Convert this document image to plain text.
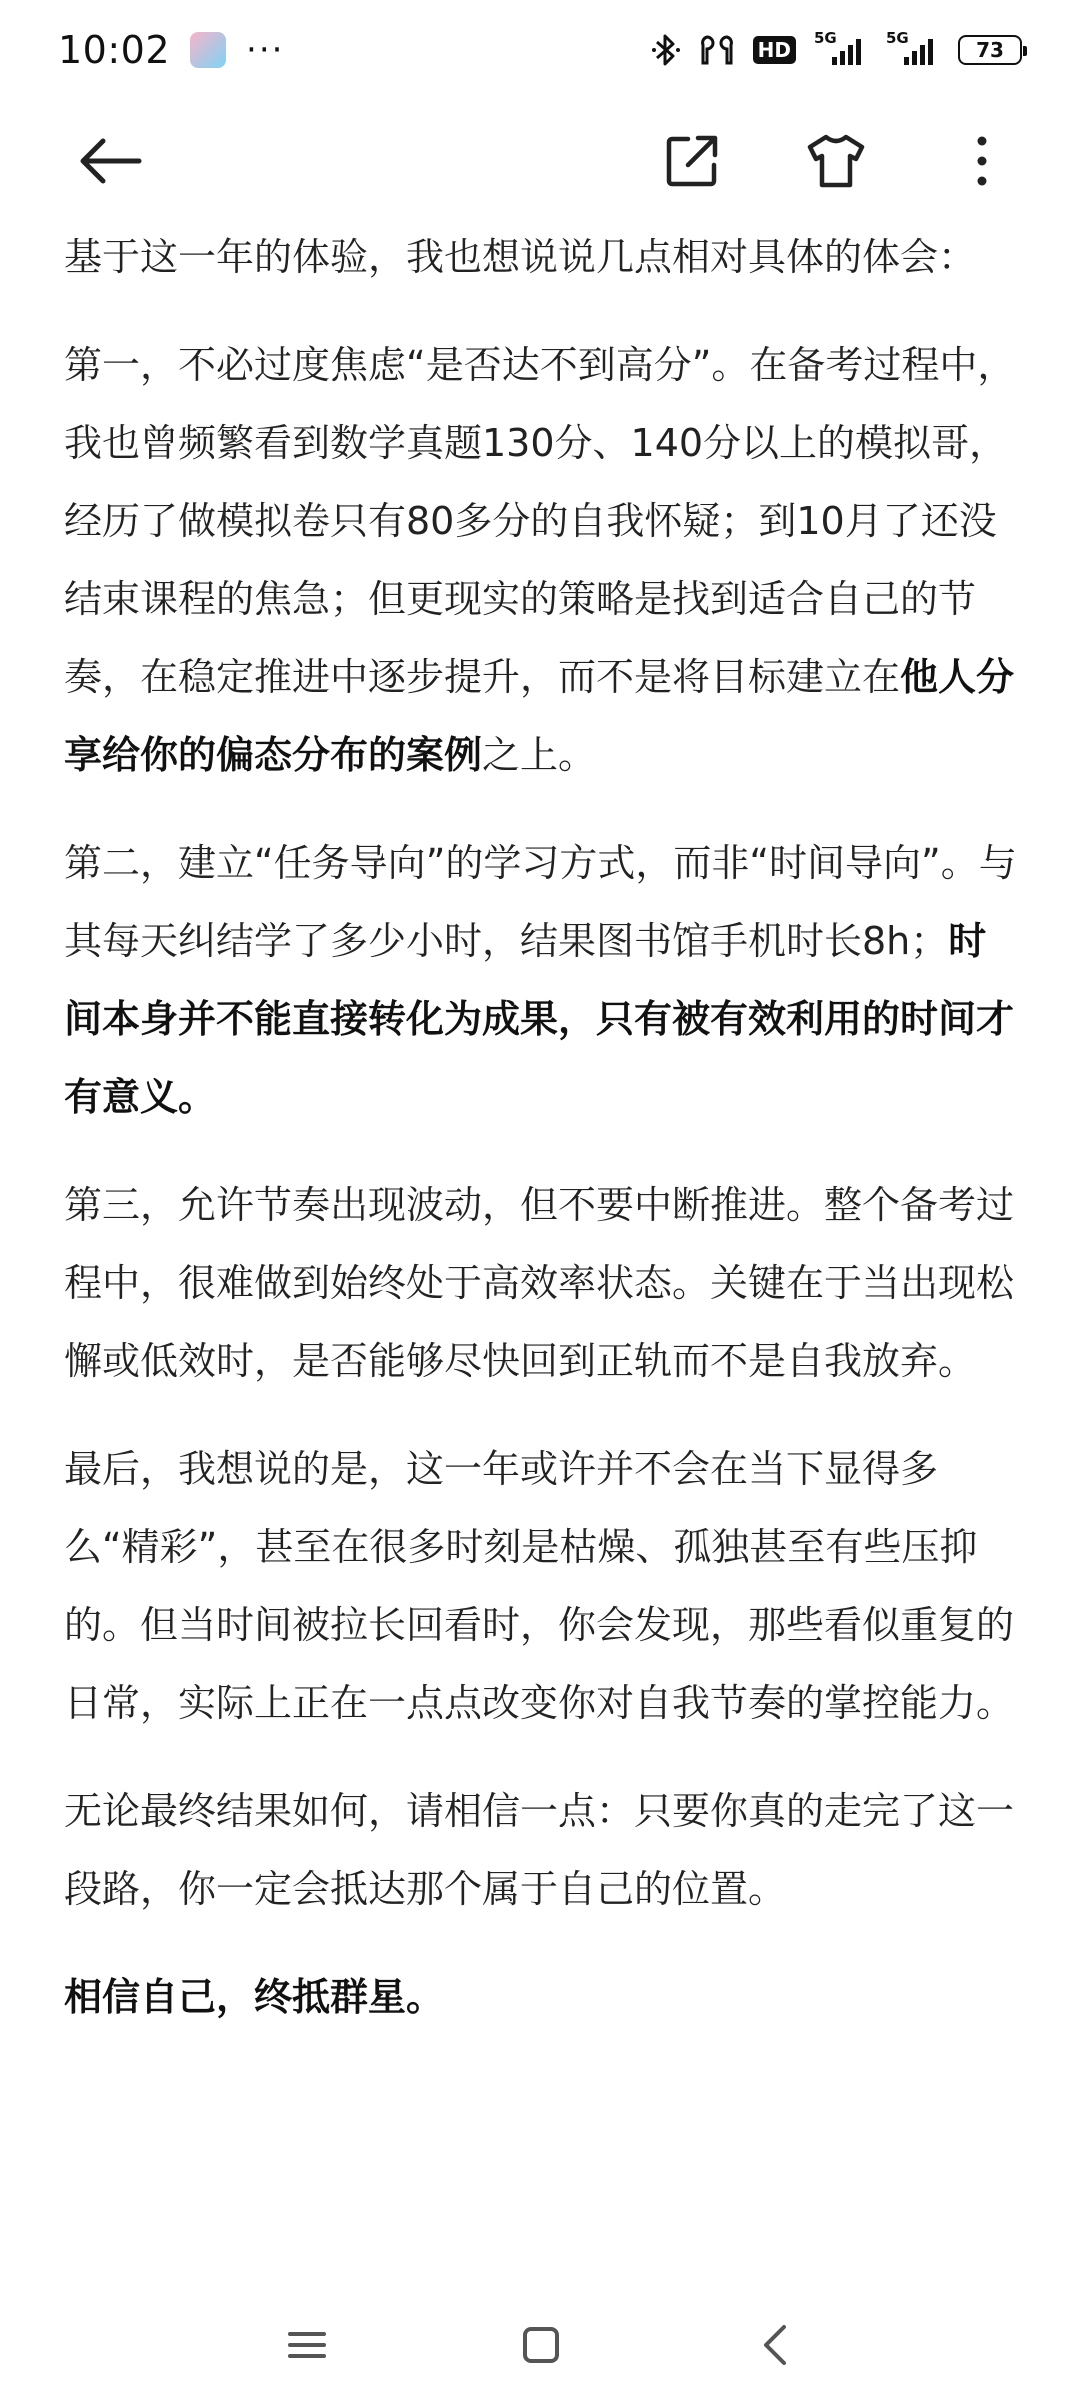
10:02 ···	HD	5G	5G	73

基于这一年的体验，我也想说说几点相对具体的体会：

第一，不必过度焦虑“是否达不到高分”。在备考过程中，我也曾频繁看到数学真题130分、140分以上的模拟哥，经历了做模拟卷只有80多分的自我怀疑；到10月了还没结束课程的焦急；但更现实的策略是找到适合自己的节奏，在稳定推进中逐步提升，而不是将目标建立在他人分享给你的偏态分布的案例之上。

第二，建立“任务导向”的学习方式，而非“时间导向”。与其每天纠结学了多少小时，结果图书馆手机时长8h；时间本身并不能直接转化为成果，只有被有效利用的时间才有意义。

第三，允许节奏出现波动，但不要中断推进。整个备考过程中，很难做到始终处于高效率状态。关键在于当出现松懈或低效时，是否能够尽快回到正轨而不是自我放弃。

最后，我想说的是，这一年或许并不会在当下显得多么“精彩”，甚至在很多时刻是枯燥、孤独甚至有些压抑的。但当时间被拉长回看时，你会发现，那些看似重复的日常，实际上正在一点点改变你对自我节奏的掌控能力。

无论最终结果如何，请相信一点：只要你真的走完了这一段路，你一定会抵达那个属于自己的位置。

相信自己，终抵群星。
